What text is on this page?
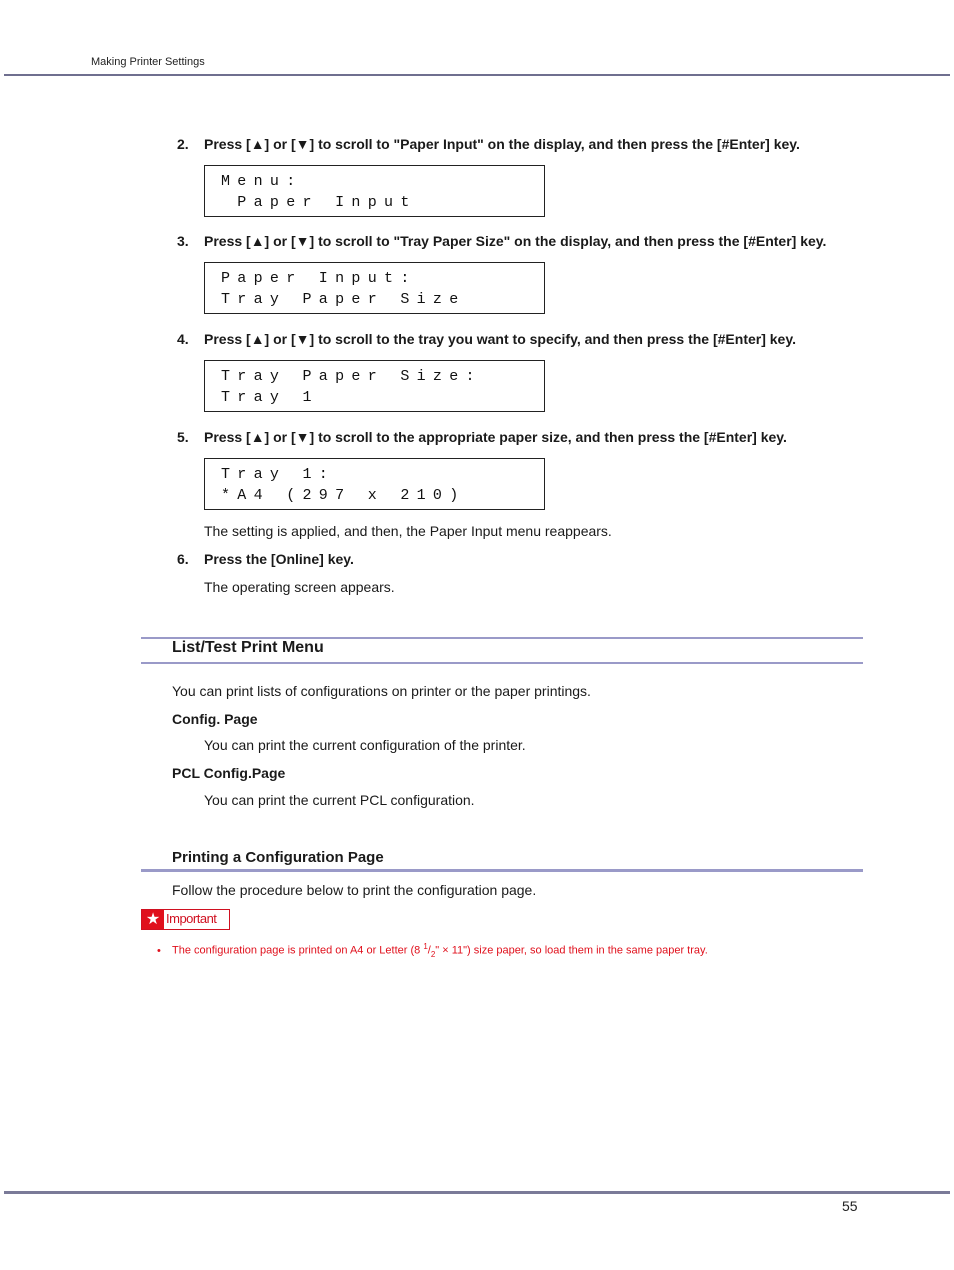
Making Printer Settings
2. Press [▲] or [▼] to scroll to "Paper Input" on the display, and then press the [#Enter] key.
Menu:
Paper Input
3. Press [▲] or [▼] to scroll to "Tray Paper Size" on the display, and then press the [#Enter] key.
Paper Input:
Tray Paper Size
4. Press [▲] or [▼] to scroll to the tray you want to specify, and then press the [#Enter] key.
Tray Paper Size:
Tray 1
5. Press [▲] or [▼] to scroll to the appropriate paper size, and then press the [#Enter] key.
Tray 1:
*A4 (297 x 210)
The setting is applied, and then, the Paper Input menu reappears.
6. Press the [Online] key.
The operating screen appears.
List/Test Print Menu
You can print lists of configurations on printer or the paper printings.
Config. Page
You can print the current configuration of the printer.
PCL Config.Page
You can print the current PCL configuration.
Printing a Configuration Page
Follow the procedure below to print the configuration page.
★ Important
• The configuration page is printed on A4 or Letter (8 $^1/_2$" × 11") size paper, so load them in the same paper tray.
55
